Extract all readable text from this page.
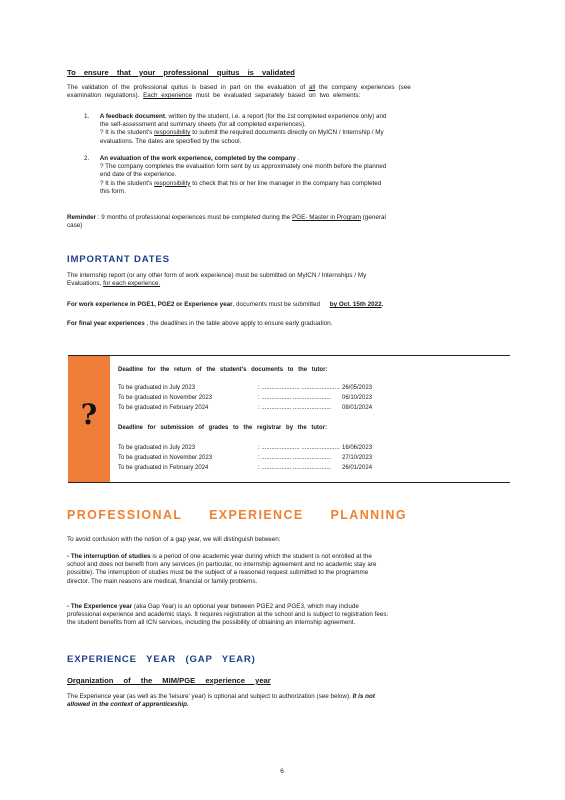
To ensure that your professional quitus is validated
The validation of the professional quitus is based in part on the evaluation of all the company experiences (see
examination regulations). Each experience must be evaluated separately based on two elements:
1. A feedback document, written by the student, i.e. a report (for the 1st completed experience only) and
the self-assessment and summary sheets (for all completed experiences).
? It is the student's responsibility to submit the required documents directly on MyICN / Internship / My
evaluations. The dates are specified by the school.
2. An evaluation of the work experience, completed by the company .
? The company completes the evaluation form sent by us approximately one month before the planned
end date of the experience.
? It is the student's responsibility to check that his or her line manager in the company has completed
this form.
Reminder : 9 months of professional experiences must be completed during the PGE- Master in Program (general
case)
IMPORTANT DATES
The internship report (or any other form of work experience) must be submitted on MyICN / Internships / My
Evaluations, for each experience.
For work experience in PGE1, PGE2 or Experience year, documents must be submitted by Oct. 15th 2022.
For final year experiences , the deadlines in the table above apply to ensure early graduation.
?
Deadline for the return of the student's documents to the tutor:
To be graduated in July 2023	: ....................... ....................... 26/05/2023
To be graduated in November 2023	: .................. ....................... 06/10/2023
To be graduated in February 2024	: .................. ....................... 08/01/2024
Deadline for submission of grades to the registrar by the tutor:
To be graduated in July 2023	: ....................... ....................... 16/06/2023
To be graduated in November 2023	: .................. ....................... 27/10/2023
To be graduated in February 2024	: .................. ....................... 26/01/2024
PROFESSIONAL EXPERIENCE PLANNING
To avoid confusion with the notion of a gap year, we will distinguish between:
- The interruption of studies is a period of one academic year during which the student is not enrolled at the
school and does not benefit from any services (in particular, no internship agreement and no academic stay are
possible). The interruption of studies must be the subject of a reasoned request submitted to the programme
director. The main reasons are medical, financial or family problems.
- The Experience year (aka Gap Year) is an optional year between PGE2 and PGE3, which may include
professional experience and academic stays. It requires registration at the school and is subject to registration fees:
the student benefits from all ICN services, including the possibility of obtaining an internship agreement.
EXPERIENCE YEAR (GAP YEAR)
Organization of the MIM/PGE experience year
The Experience year (as well as the 'leisure' year) is optional and subject to authorization (see below). It is not
allowed in the context of apprenticeship.
6
